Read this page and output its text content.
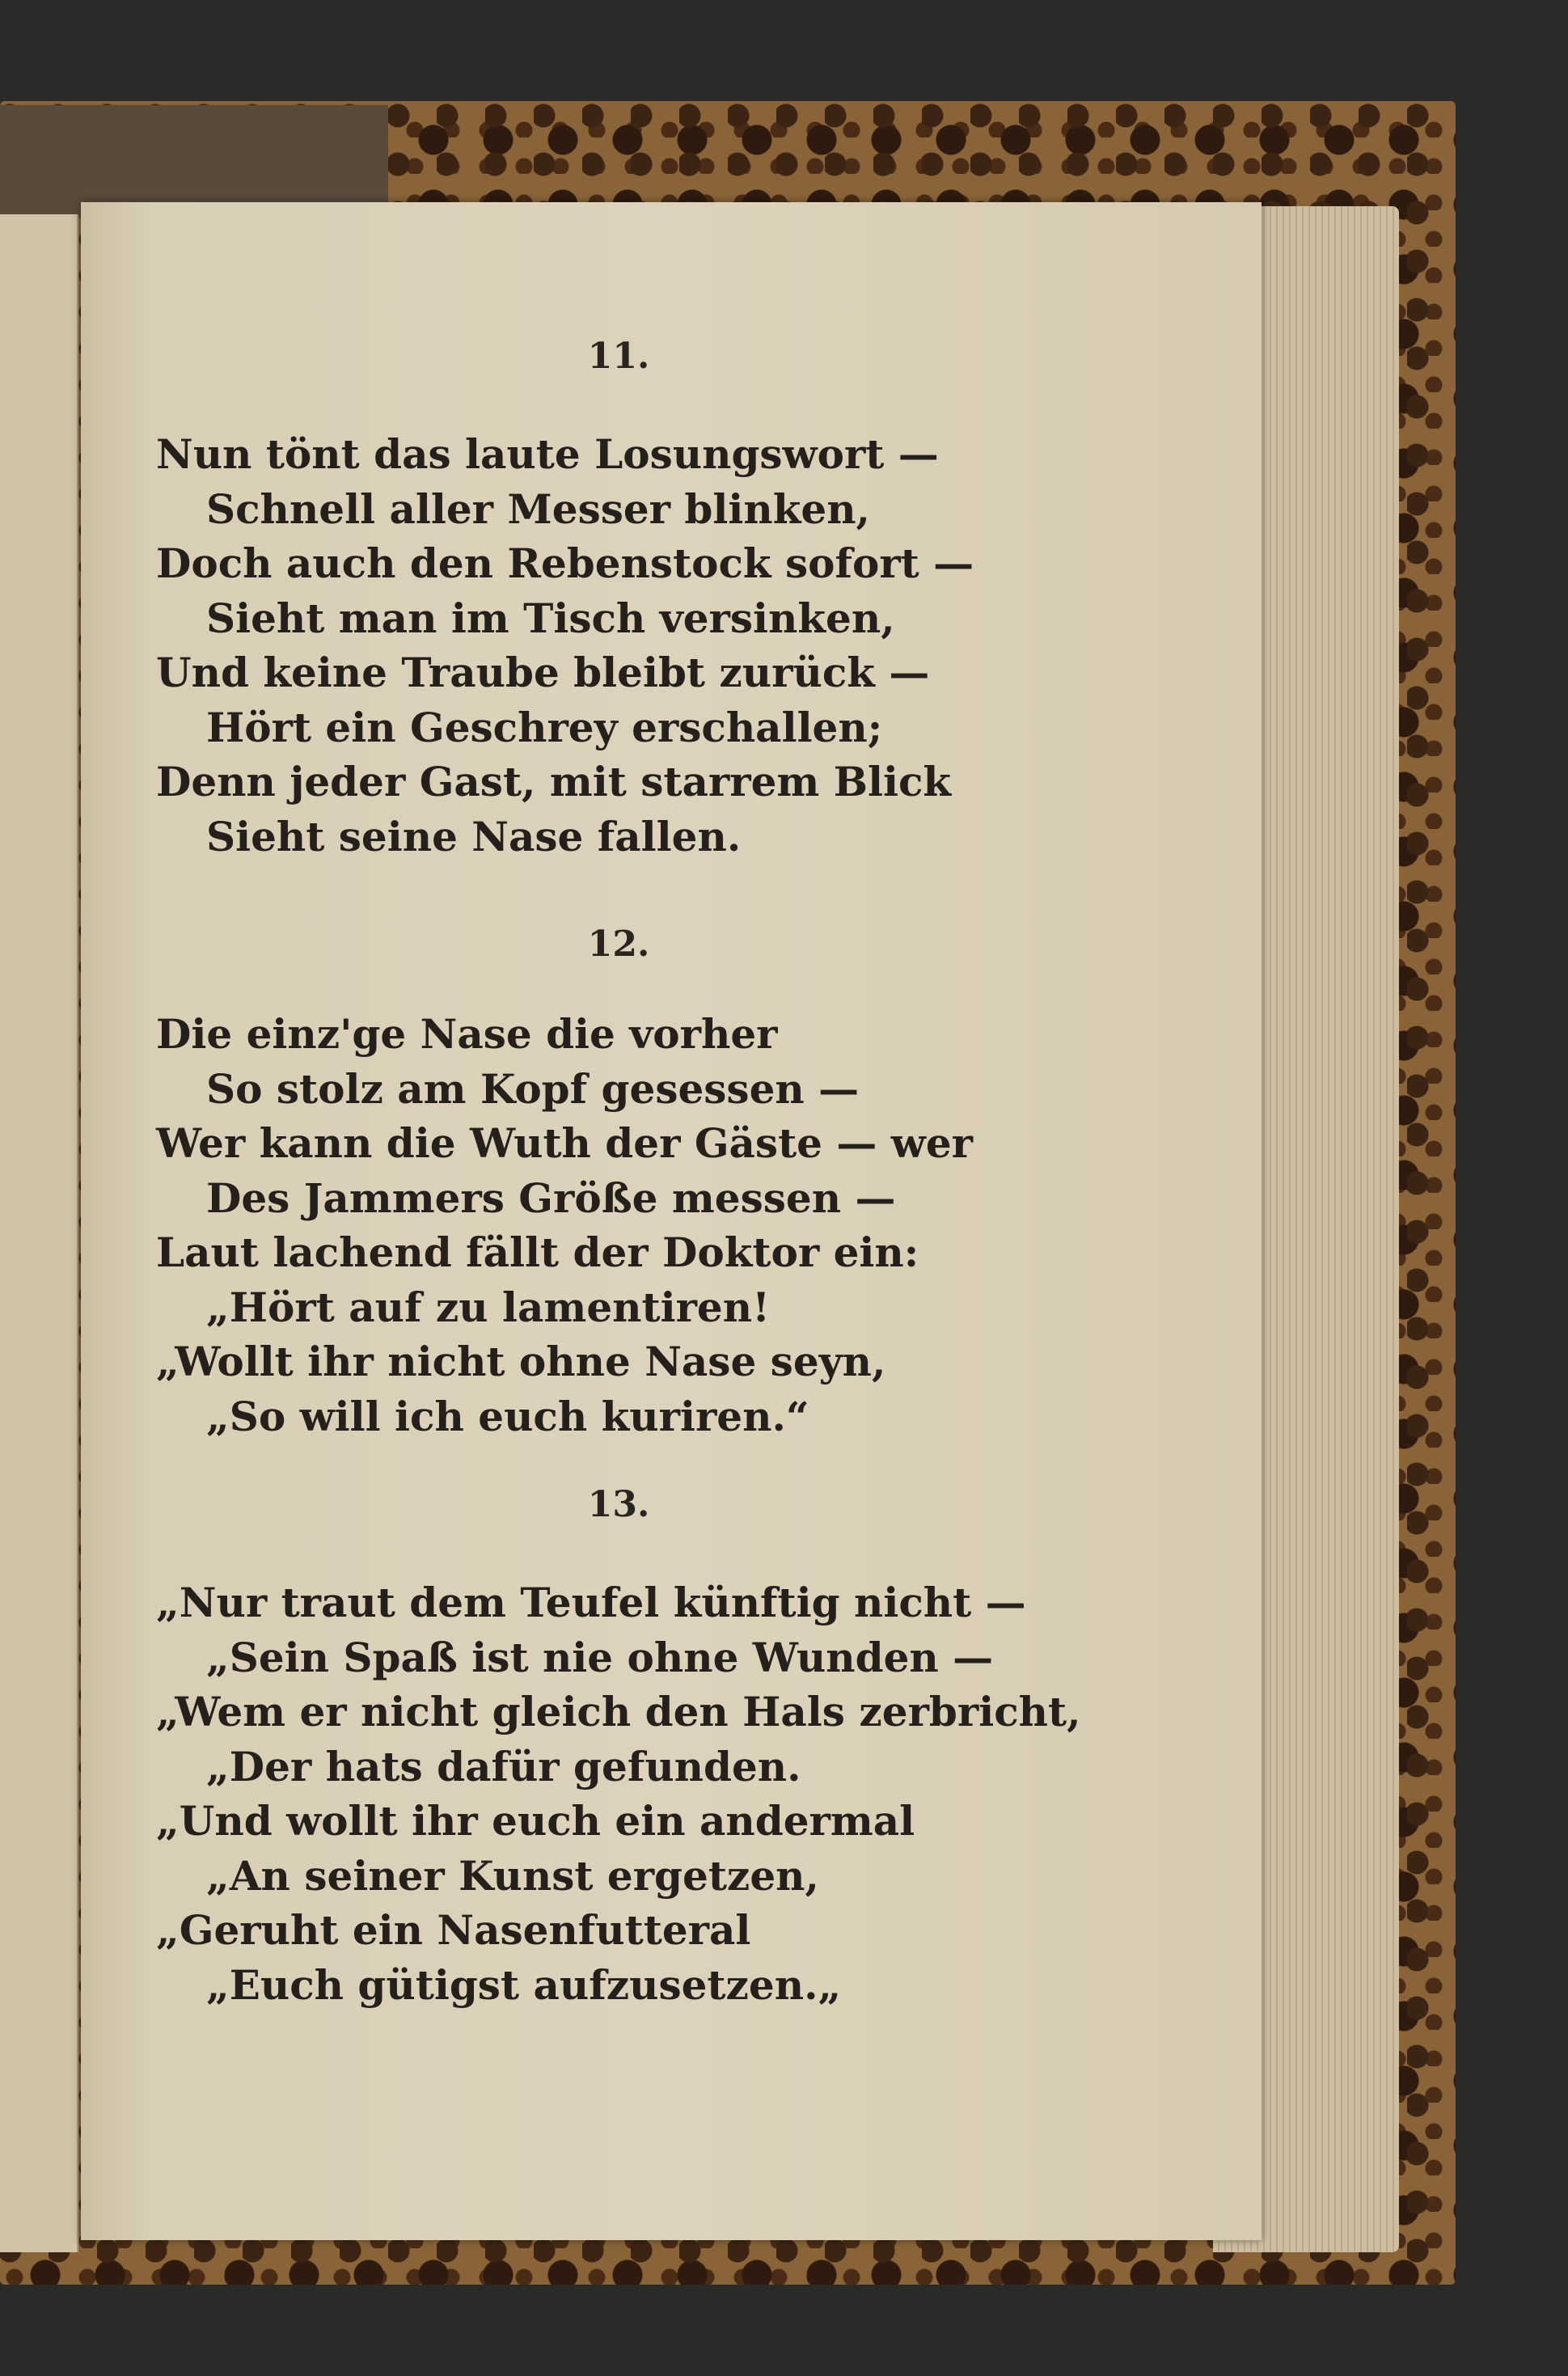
11.
Nun tönt das laute Losungswort —
Schnell aller Messer blinken,
Doch auch den Rebenstock sofort —
Sieht man im Tisch versinken,
Und keine Traube bleibt zurück —
Hört ein Geschrey erschallen;
Denn jeder Gast, mit starrem Blick
Sieht seine Nase fallen.
12.
Die einz'ge Nase die vorher
So stolz am Kopf gesessen —
Wer kann die Wuth der Gäste — wer
Des Jammers Größe messen —
Laut lachend fällt der Doktor ein:
„Hört auf zu lamentiren!
„Wollt ihr nicht ohne Nase seyn,
„So will ich euch kuriren.“
13.
„Nur traut dem Teufel künftig nicht —
„Sein Spaß ist nie ohne Wunden —
„Wem er nicht gleich den Hals zerbricht,
„Der hats dafür gefunden.
„Und wollt ihr euch ein andermal
„An seiner Kunst ergetzen,
„Geruht ein Nasenfutteral
„Euch gütigst aufzusetzen.„
